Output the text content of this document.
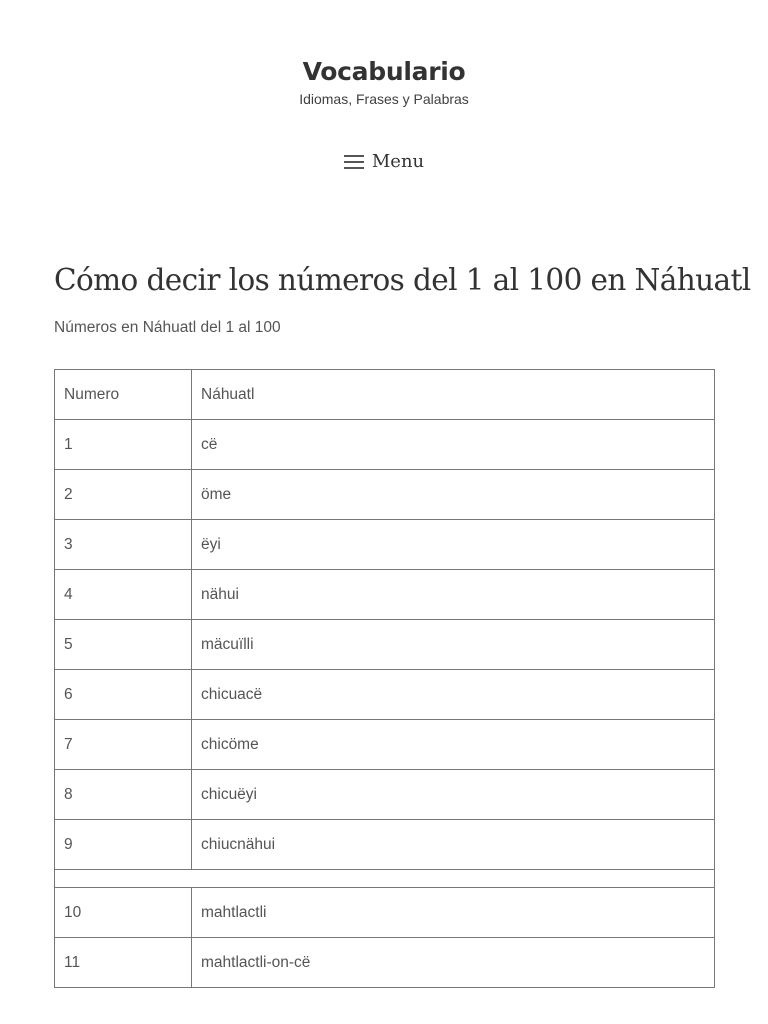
Vocabulario

Idiomas, Frases y Palabras

Menu
Cómo decir los números del 1 al 100 en Náhuatl

Números en Náhuatl del 1 al 100

Numero	Náhuatl
1	cë
2	öme
3	ëyi
4	nähui
5	mäcuïlli
6	chicuacë
7	chicöme
8	chicuëyi
9	chiucnähui

10	mahtlactli
11	mahtlactli-on-cë
